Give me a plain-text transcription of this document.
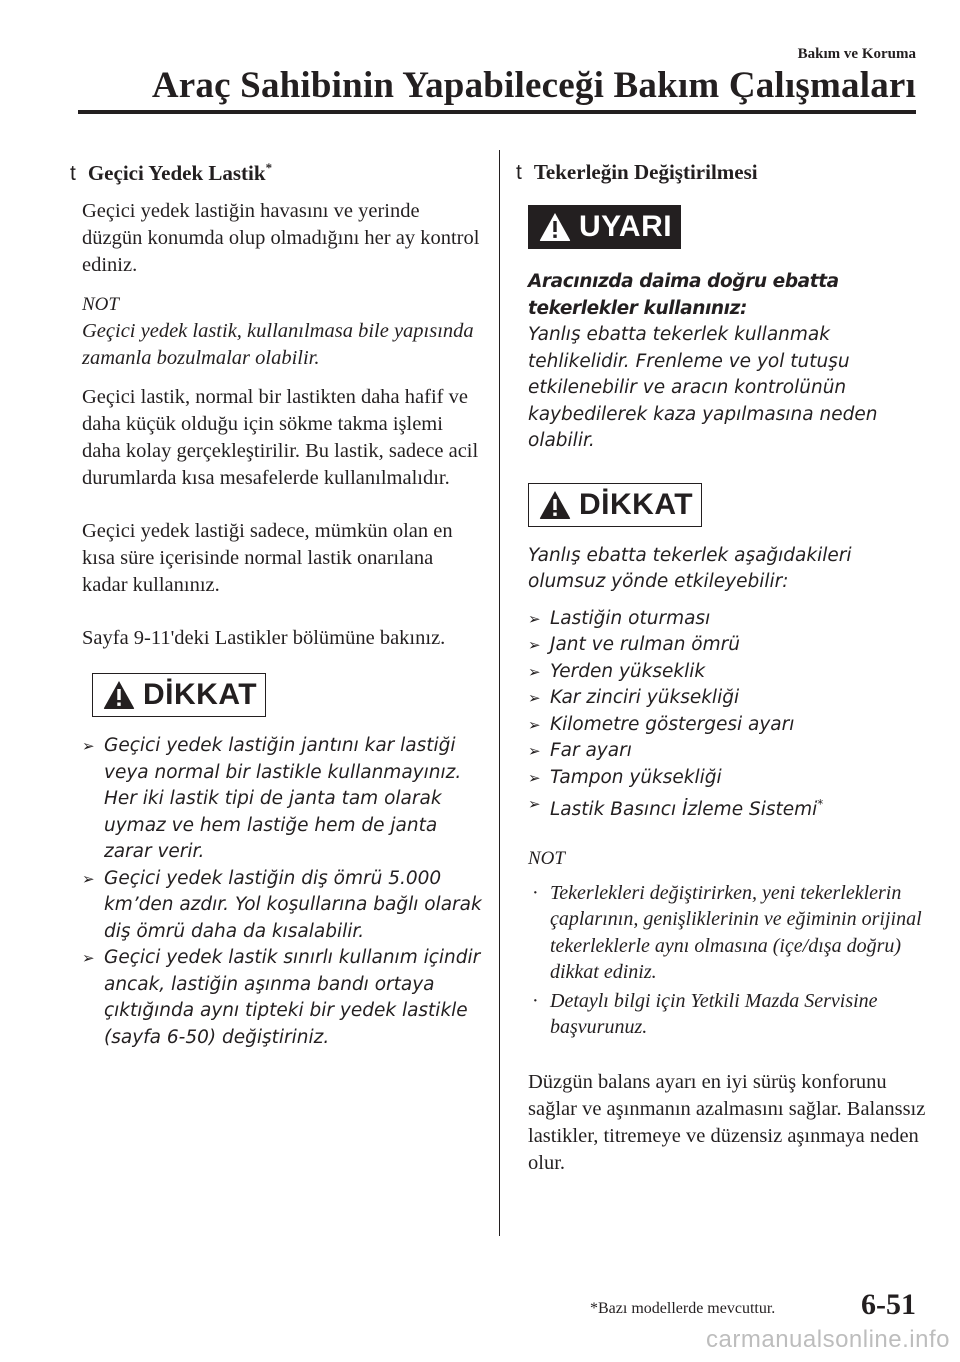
Bakım ve Koruma
Araç Sahibinin Yapabileceği Bakım Çalışmaları
t Geçici Yedek Lastik*

Geçici yedek lastiğin havasını ve yerinde düzgün konumda olup olmadığını her ay kontrol ediniz.

NOT

Geçici yedek lastik, kullanılmasa bile yapısında zamanla bozulmalar olabilir.

Geçici lastik, normal bir lastikten daha hafif ve daha küçük olduğu için sökme takma işlemi daha kolay gerçekleştirilir. Bu lastik, sadece acil durumlarda kısa mesafelerde kullanılmalıdır.

Geçici yedek lastiği sadece, mümkün olan en kısa süre içerisinde normal lastik onarılana kadar kullanınız.

Sayfa 9-11'deki Lastikler bölümüne bakınız.

DİKKAT

➢ Geçici yedek lastiğin jantını kar lastiği veya normal bir lastikle kullanmayınız. Her iki lastik tipi de janta tam olarak uymaz ve hem lastiğe hem de janta zarar verir.

➢ Geçici yedek lastiğin diş ömrü 5.000 km’den azdır. Yol koşullarına bağlı olarak diş ömrü daha da kısalabilir.

➢ Geçici yedek lastik sınırlı kullanım içindir ancak, lastiğin aşınma bandı ortaya çıktığında aynı tipteki bir yedek lastikle (sayfa 6-50) değiştiriniz.

t Tekerleğin Değiştirilmesi
UYARI

Aracınızda daima doğru ebatta tekerlekler kullanınız:

Yanlış ebatta tekerlek kullanmak tehlikelidir. Frenleme ve yol tutuşu etkilenebilir ve aracın kontrolünün kaybedilerek kaza yapılmasına neden olabilir.

DİKKAT

Yanlış ebatta tekerlek aşağıdakileri olumsuz yönde etkileyebilir:

➢ Lastiğin oturması

➢ Jant ve rulman ömrü

➢ Yerden yükseklik

➢ Kar zinciri yüksekliği

➢ Kilometre göstergesi ayarı

➢ Far ayarı

➢ Tampon yüksekliği

➢ Lastik Basıncı İzleme Sistemi*

NOT

· Tekerlekleri değiştirirken, yeni tekerleklerin çaplarının, genişliklerinin ve eğiminin orijinal tekerleklerle aynı olmasına (içe/dışa doğru) dikkat ediniz.

· Detaylı bilgi için Yetkili Mazda Servisine başvurunuz.

Düzgün balans ayarı en iyi sürüş konforunu sağlar ve aşınmanın azalmasını sağlar. Balanssız lastikler, titremeye ve düzensiz aşınmaya neden olur.

*Bazı modellerde mevcuttur.	6-51
carmanualsonline.info
